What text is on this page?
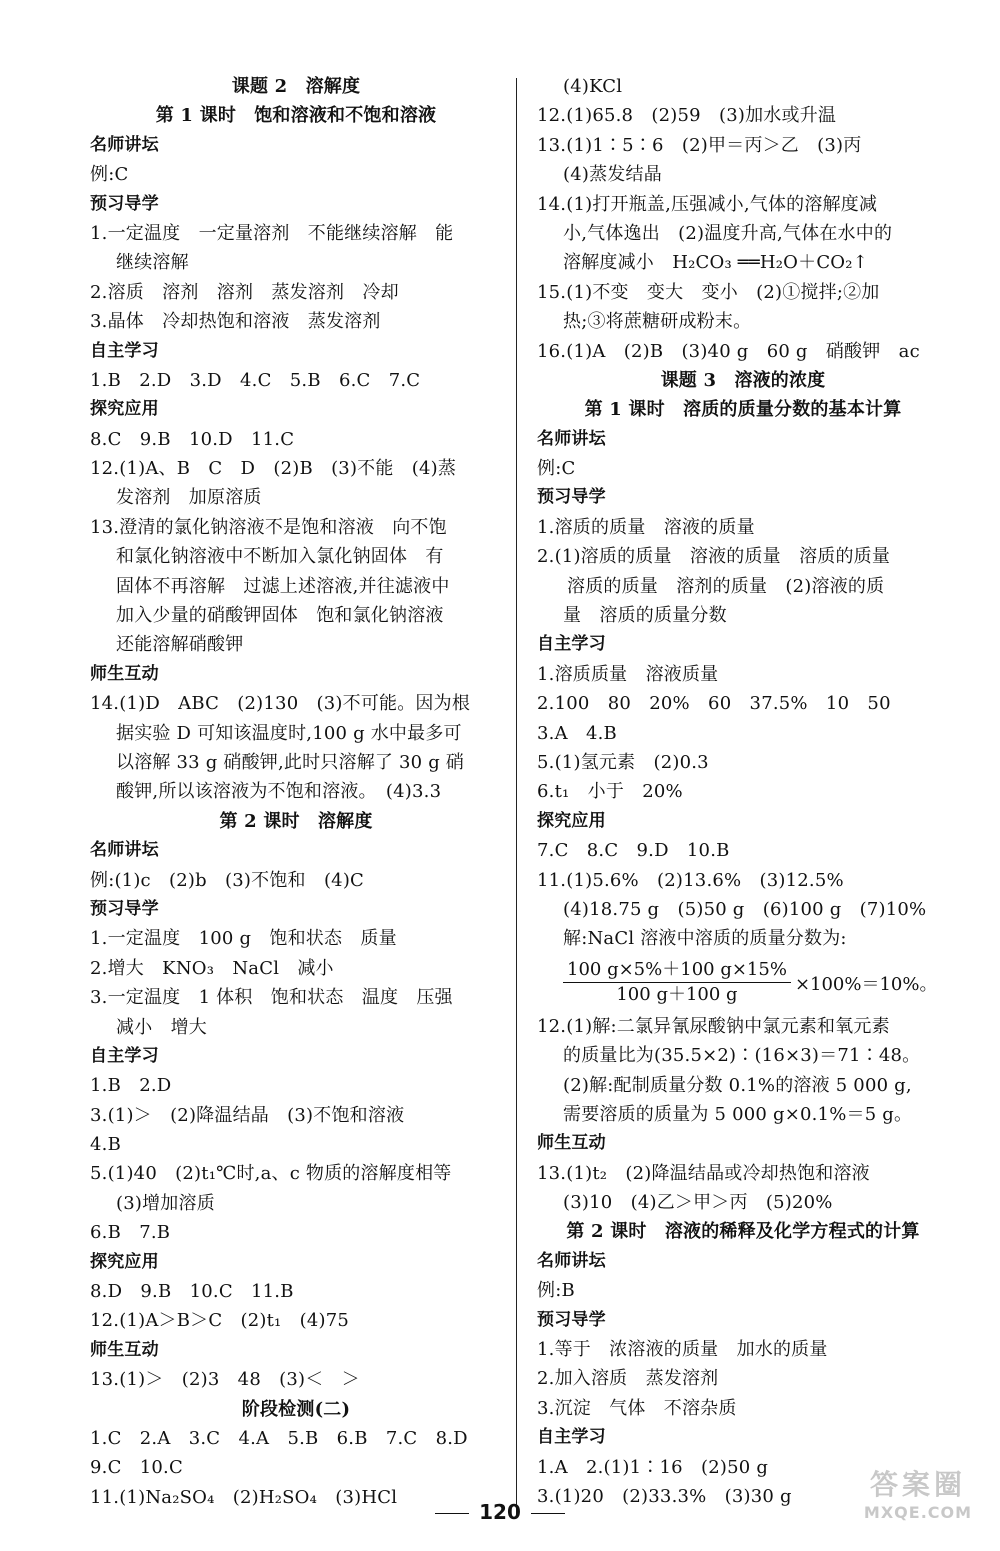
课题 2　溶解度
第 1 课时　饱和溶液和不饱和溶液
名师讲坛
例:C
预习导学
1.一定温度　一定量溶剂　不能继续溶解　能
继续溶解
2.溶质　溶剂　溶剂　蒸发溶剂　冷却
3.晶体　冷却热饱和溶液　蒸发溶剂
自主学习
1.B　2.D　3.D　4.C　5.B　6.C　7.C
探究应用
8.C　9.B　10.D　11.C
12.(1)A、B　C　D　(2)B　(3)不能　(4)蒸
发溶剂　加原溶质
13.澄清的氯化钠溶液不是饱和溶液　向不饱
和氯化钠溶液中不断加入氯化钠固体　有
固体不再溶解　过滤上述溶液,并往滤液中
加入少量的硝酸钾固体　饱和氯化钠溶液
还能溶解硝酸钾
师生互动
14.(1)D　ABC　(2)130　(3)不可能。因为根
据实验 D 可知该温度时,100 g 水中最多可
以溶解 33 g 硝酸钾,此时只溶解了 30 g 硝
酸钾,所以该溶液为不饱和溶液。　(4)3.3
第 2 课时　溶解度
名师讲坛
例:(1)c　(2)b　(3)不饱和　(4)C
预习导学
1.一定温度　100 g　饱和状态　质量
2.增大　KNO₃　NaCl　减小
3.一定温度　1 体积　饱和状态　温度　压强
减小　增大
自主学习
1.B　2.D
3.(1)＞　(2)降温结晶　(3)不饱和溶液
4.B
5.(1)40　(2)t₁℃时,a、c 物质的溶解度相等
(3)增加溶质
6.B　7.B
探究应用
8.D　9.B　10.C　11.B
12.(1)A＞B＞C　(2)t₁　(4)75
师生互动
13.(1)＞　(2)3　48　(3)＜　＞
阶段检测(二)
1.C　2.A　3.C　4.A　5.B　6.B　7.C　8.D
9.C　10.C
11.(1)Na₂SO₄　(2)H₂SO₄　(3)HCl
(4)KCl
12.(1)65.8　(2)59　(3)加水或升温
13.(1)1∶5∶6　(2)甲＝丙＞乙　(3)丙
(4)蒸发结晶
14.(1)打开瓶盖,压强减小,气体的溶解度减
小,气体逸出　(2)温度升高,气体在水中的
溶解度减小　H₂CO₃ ══H₂O＋CO₂↑
15.(1)不变　变大　变小　(2)①搅拌;②加
热;③将蔗糖研成粉末。
16.(1)A　(2)B　(3)40 g　60 g　硝酸钾　ac
课题 3　溶液的浓度
第 1 课时　溶质的质量分数的基本计算
名师讲坛
例:C
预习导学
1.溶质的质量　溶液的质量
2.(1)溶质的质量　溶液的质量　溶质的质量
溶质的质量　溶剂的质量　(2)溶液的质
量　溶质的质量分数
自主学习
1.溶质质量　溶液质量
2.100　80　20%　60　37.5%　10　50
3.A　4.B
5.(1)氢元素　(2)0.3
6.t₁　小于　20%
探究应用
7.C　8.C　9.D　10.B
11.(1)5.6%　(2)13.6%　(3)12.5%
(4)18.75 g　(5)50 g　(6)100 g　(7)10%
解:NaCl 溶液中溶质的质量分数为:
$\frac{100 g\times 5\%+100 g\times 15\%}{100 g+100 g} \times 100\%=10\%$。
12.(1)解:二氯异氰尿酸钠中氯元素和氧元素
的质量比为(35.5×2)∶(16×3)＝71∶48。
(2)解:配制质量分数 0.1%的溶液 5 000 g,
需要溶质的质量为 5 000 g×0.1%＝5 g。
师生互动
13.(1)t₂　(2)降温结晶或冷却热饱和溶液
(3)10　(4)乙＞甲＞丙　(5)20%
第 2 课时　溶液的稀释及化学方程式的计算
名师讲坛
例:B
预习导学
1.等于　浓溶液的质量　加水的质量
2.加入溶质　蒸发溶剂
3.沉淀　气体　不溶杂质
自主学习
1.A　2.(1)1∶16　(2)50 g
3.(1)20　(2)33.3%　(3)30 g
120
答案圈
MXQE.COM
